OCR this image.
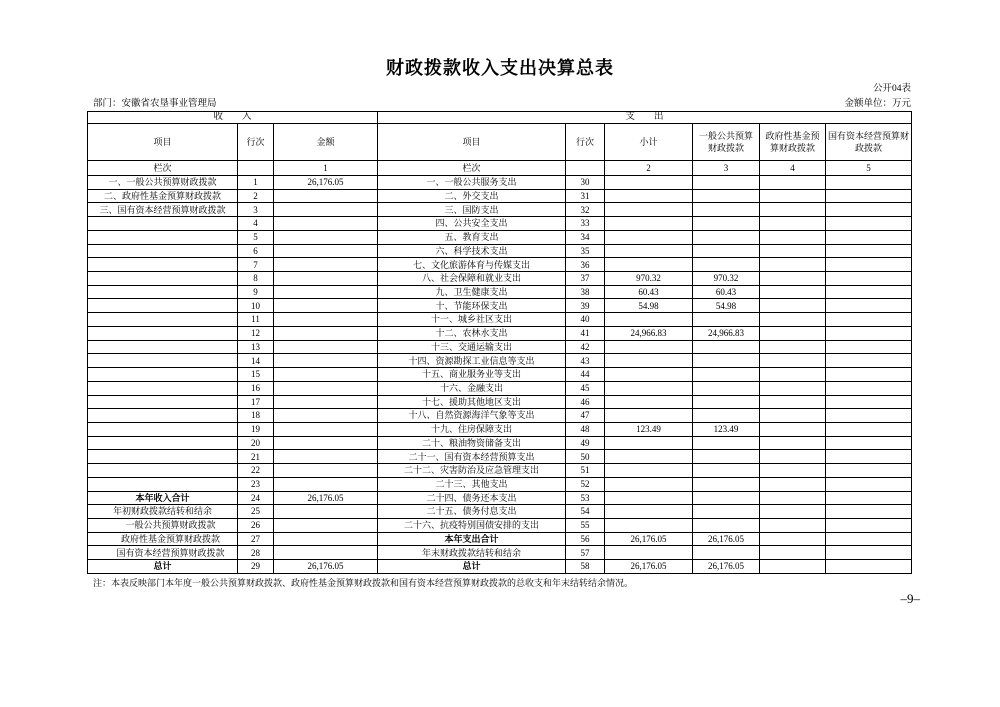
财政拨款收入支出决算总表
公开04表
部门：安徽省农垦事业管理局	金额单位：万元
收　　入			支　　出					
项目	行次	金额	项目	行次	小计	一般公共预算财政拨款	政府性基金预算财政拨款	国有资本经营预算财政拨款
栏次		1	栏次		2	3	4	5
一、一般公共预算财政拨款	1	26,176.05	一、一般公共服务支出	30				
二、政府性基金预算财政拨款	2		二、外交支出	31				
三、国有资本经营预算财政拨款	3		三、国防支出	32				
	4		四、公共安全支出	33				
	5		五、教育支出	34				
	6		六、科学技术支出	35				
	7		七、文化旅游体育与传媒支出	36				
	8		八、社会保障和就业支出	37	970.32	970.32		
	9		九、卫生健康支出	38	60.43	60.43		
	10		十、节能环保支出	39	54.98	54.98		
	11		十一、城乡社区支出	40				
	12		十二、农林水支出	41	24,966.83	24,966.83		
	13		十三、交通运输支出	42				
	14		十四、资源勘探工业信息等支出	43				
	15		十五、商业服务业等支出	44				
	16		十六、金融支出	45				
	17		十七、援助其他地区支出	46				
	18		十八、自然资源海洋气象等支出	47				
	19		十九、住房保障支出	48	123.49	123.49		
	20		二十、粮油物资储备支出	49				
	21		二十一、国有资本经营预算支出	50				
	22		二十二、灾害防治及应急管理支出	51				
	23		二十三、其他支出	52				
本年收入合计	24	26,176.05	二十四、债务还本支出	53				
年初财政拨款结转和结余	25		二十五、债务付息支出	54				
一般公共预算财政拨款	26		二十六、抗疫特别国债安排的支出	55				
政府性基金预算财政拨款	27		本年支出合计	56	26,176.05	26,176.05		
国有资本经营预算财政拨款	28		年末财政拨款结转和结余	57				
总计	29	26,176.05	总计	58	26,176.05	26,176.05		
注：本表反映部门本年度一般公共预算财政拨款、政府性基金预算财政拨款和国有资本经营预算财政拨款的总收支和年末结转结余情况。
–9–
